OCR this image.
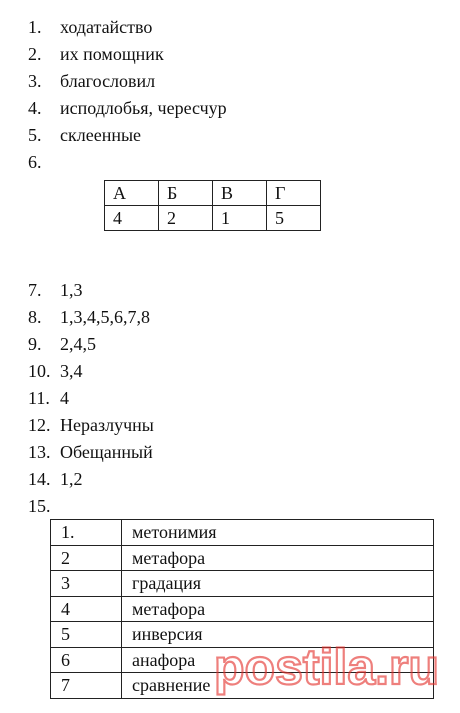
1. ходатайство
2. их помощник
3. благословил
4. исподлобья, чересчур
5. склеенные
6.
7. 1,3
8. 1,3,4,5,6,7,8
9. 2,4,5
10. 3,4
11. 4
12. Неразлучны
13. Обещанный
14. 1,2
15.
А	Б	В	Г
4	2	1	5
1.	метонимия
2	метафора
3	градация
4	метафора
5	инверсия
6	анафора
7	сравнение postila.ru
